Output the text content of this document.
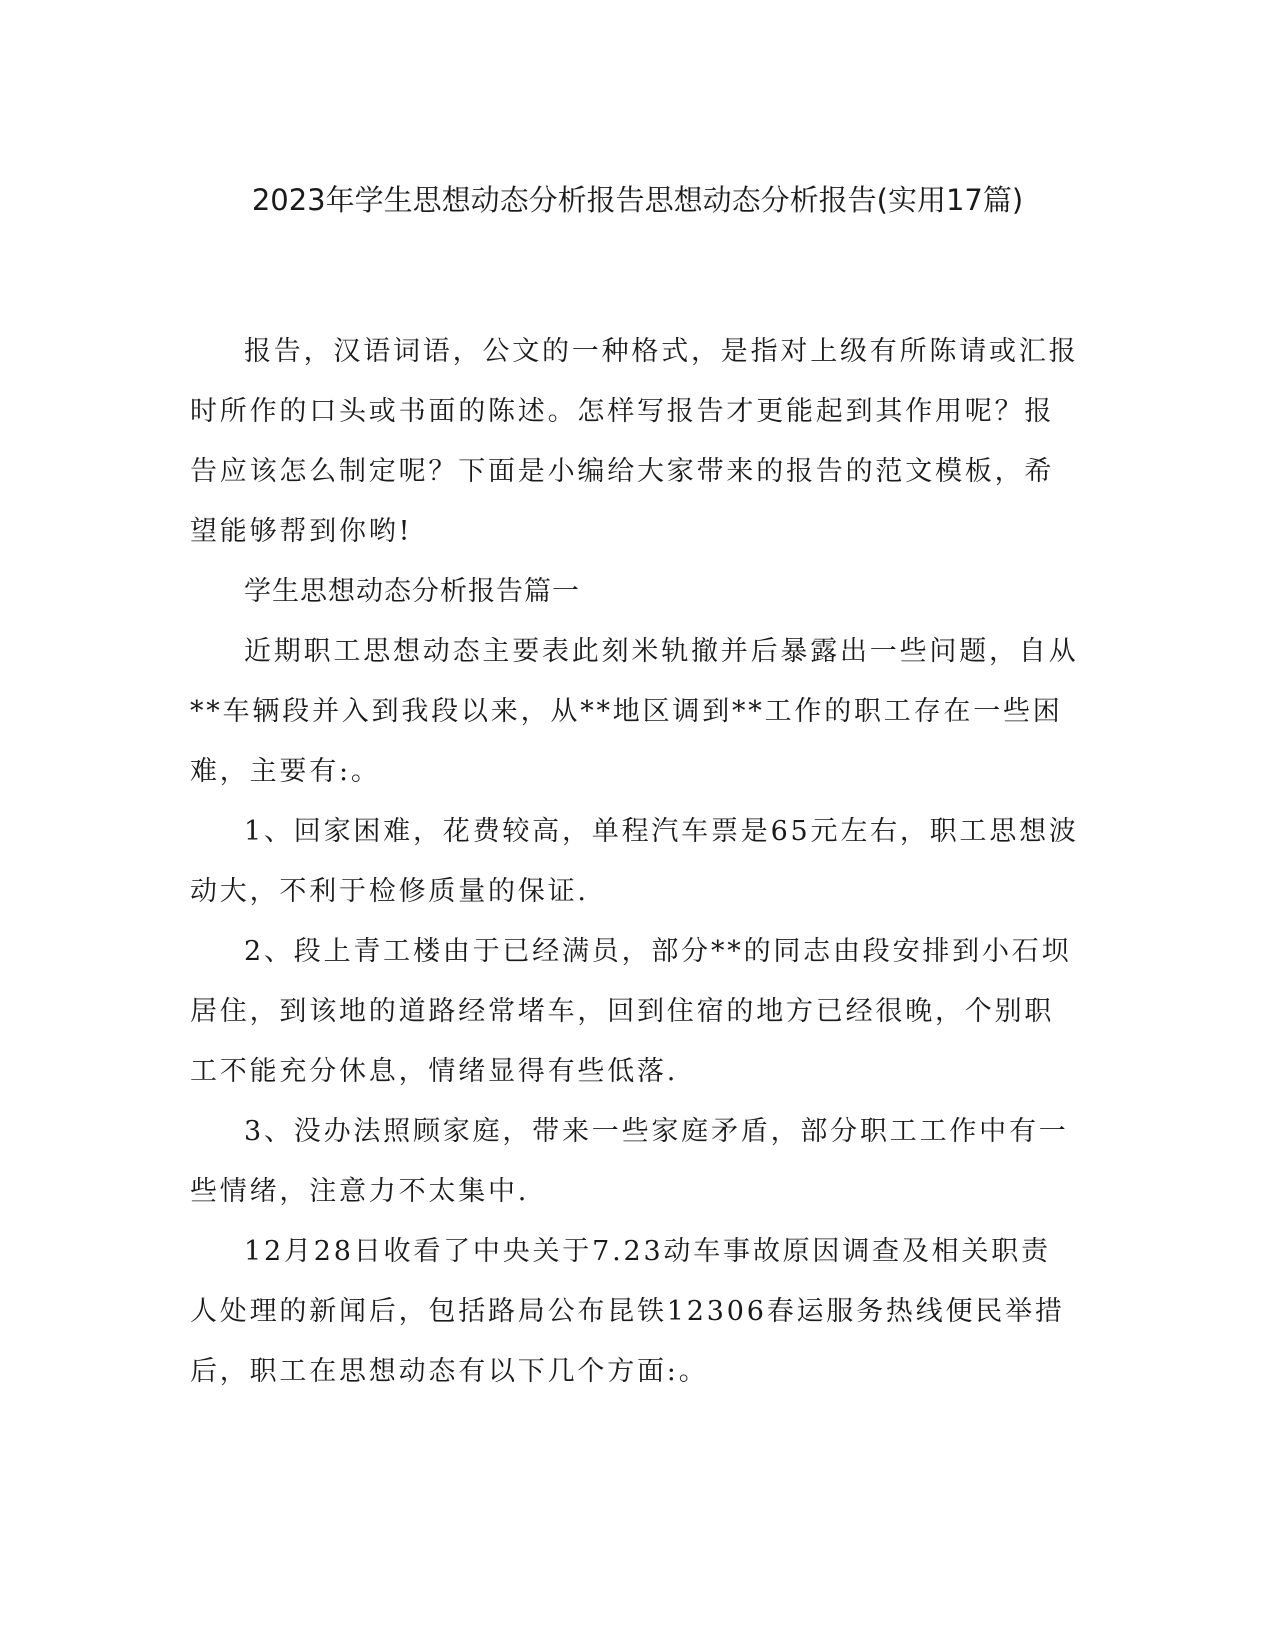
2023年学生思想动态分析报告思想动态分析报告(实用17篇)

报告，汉语词语，公文的一种格式，是指对上级有所陈请或汇报时所作的口头或书面的陈述。怎样写报告才更能起到其作用呢？报告应该怎么制定呢？下面是小编给大家带来的报告的范文模板，希望能够帮到你哟!

学生思想动态分析报告篇一

近期职工思想动态主要表此刻米轨撤并后暴露出一些问题，自从**车辆段并入到我段以来，从**地区调到**工作的职工存在一些困难，主要有:。

1、回家困难，花费较高，单程汽车票是65元左右，职工思想波动大，不利于检修质量的保证.

2、段上青工楼由于已经满员，部分**的同志由段安排到小石坝居住，到该地的道路经常堵车，回到住宿的地方已经很晚，个别职工不能充分休息，情绪显得有些低落.

3、没办法照顾家庭，带来一些家庭矛盾，部分职工工作中有一些情绪，注意力不太集中.

12月28日收看了中央关于7.23动车事故原因调查及相关职责人处理的新闻后，包括路局公布昆铁12306春运服务热线便民举措后，职工在思想动态有以下几个方面:。
